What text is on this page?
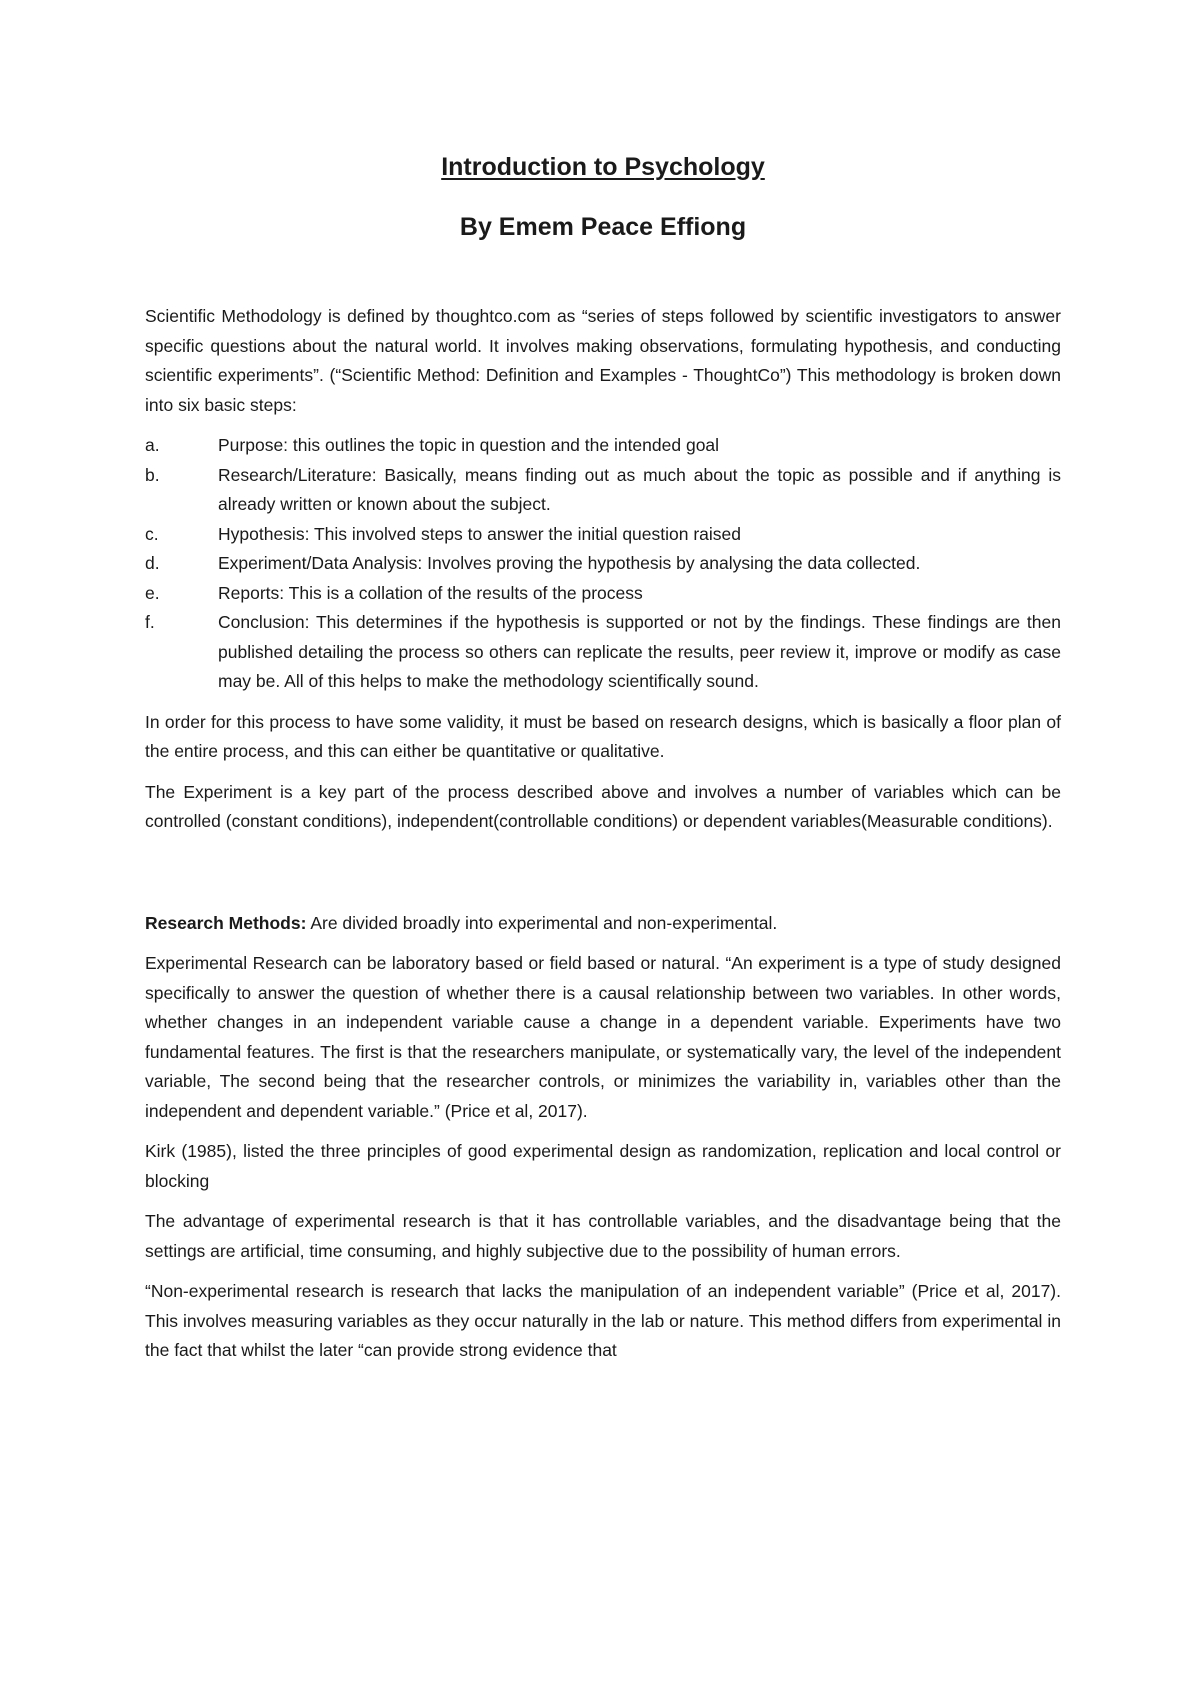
Introduction to Psychology
By Emem Peace Effiong

Scientific Methodology is defined by thoughtco.com as “series of steps followed by scientific investigators to answer specific questions about the natural world. It involves making observations, formulating hypothesis, and conducting scientific experiments”. (“Scientific Method: Definition and Examples - ThoughtCo”) This methodology is broken down into six basic steps:

a.	Purpose: this outlines the topic in question and the intended goal
b.	Research/Literature: Basically, means finding out as much about the topic as possible and if anything is already written or known about the subject.
c.	Hypothesis: This involved steps to answer the initial question raised
d.	Experiment/Data Analysis: Involves proving the hypothesis by analysing the data collected.
e.	Reports: This is a collation of the results of the process
f.	Conclusion: This determines if the hypothesis is supported or not by the findings. These findings are then published detailing the process so others can replicate the results, peer review it, improve or modify as case may be. All of this helps to make the methodology scientifically sound.

In order for this process to have some validity, it must be based on research designs, which is basically a floor plan of the entire process, and this can either be quantitative or qualitative.

The Experiment is a key part of the process described above and involves a number of variables which can be controlled (constant conditions), independent(controllable conditions) or dependent variables(Measurable conditions).

Research Methods: Are divided broadly into experimental and non-experimental.

Experimental Research can be laboratory based or field based or natural. “An experiment is a type of study designed specifically to answer the question of whether there is a causal relationship between two variables. In other words, whether changes in an independent variable cause a change in a dependent variable. Experiments have two fundamental features. The first is that the researchers manipulate, or systematically vary, the level of the independent variable, The second being that the researcher controls, or minimizes the variability in, variables other than the independent and dependent variable.” (Price et al, 2017).

Kirk (1985), listed the three principles of good experimental design as randomization, replication and local control or blocking

The advantage of experimental research is that it has controllable variables, and the disadvantage being that the settings are artificial, time consuming, and highly subjective due to the possibility of human errors.

“Non-experimental research is research that lacks the manipulation of an independent variable” (Price et al, 2017). This involves measuring variables as they occur naturally in the lab or nature. This method differs from experimental in the fact that whilst the later “can provide strong evidence that
